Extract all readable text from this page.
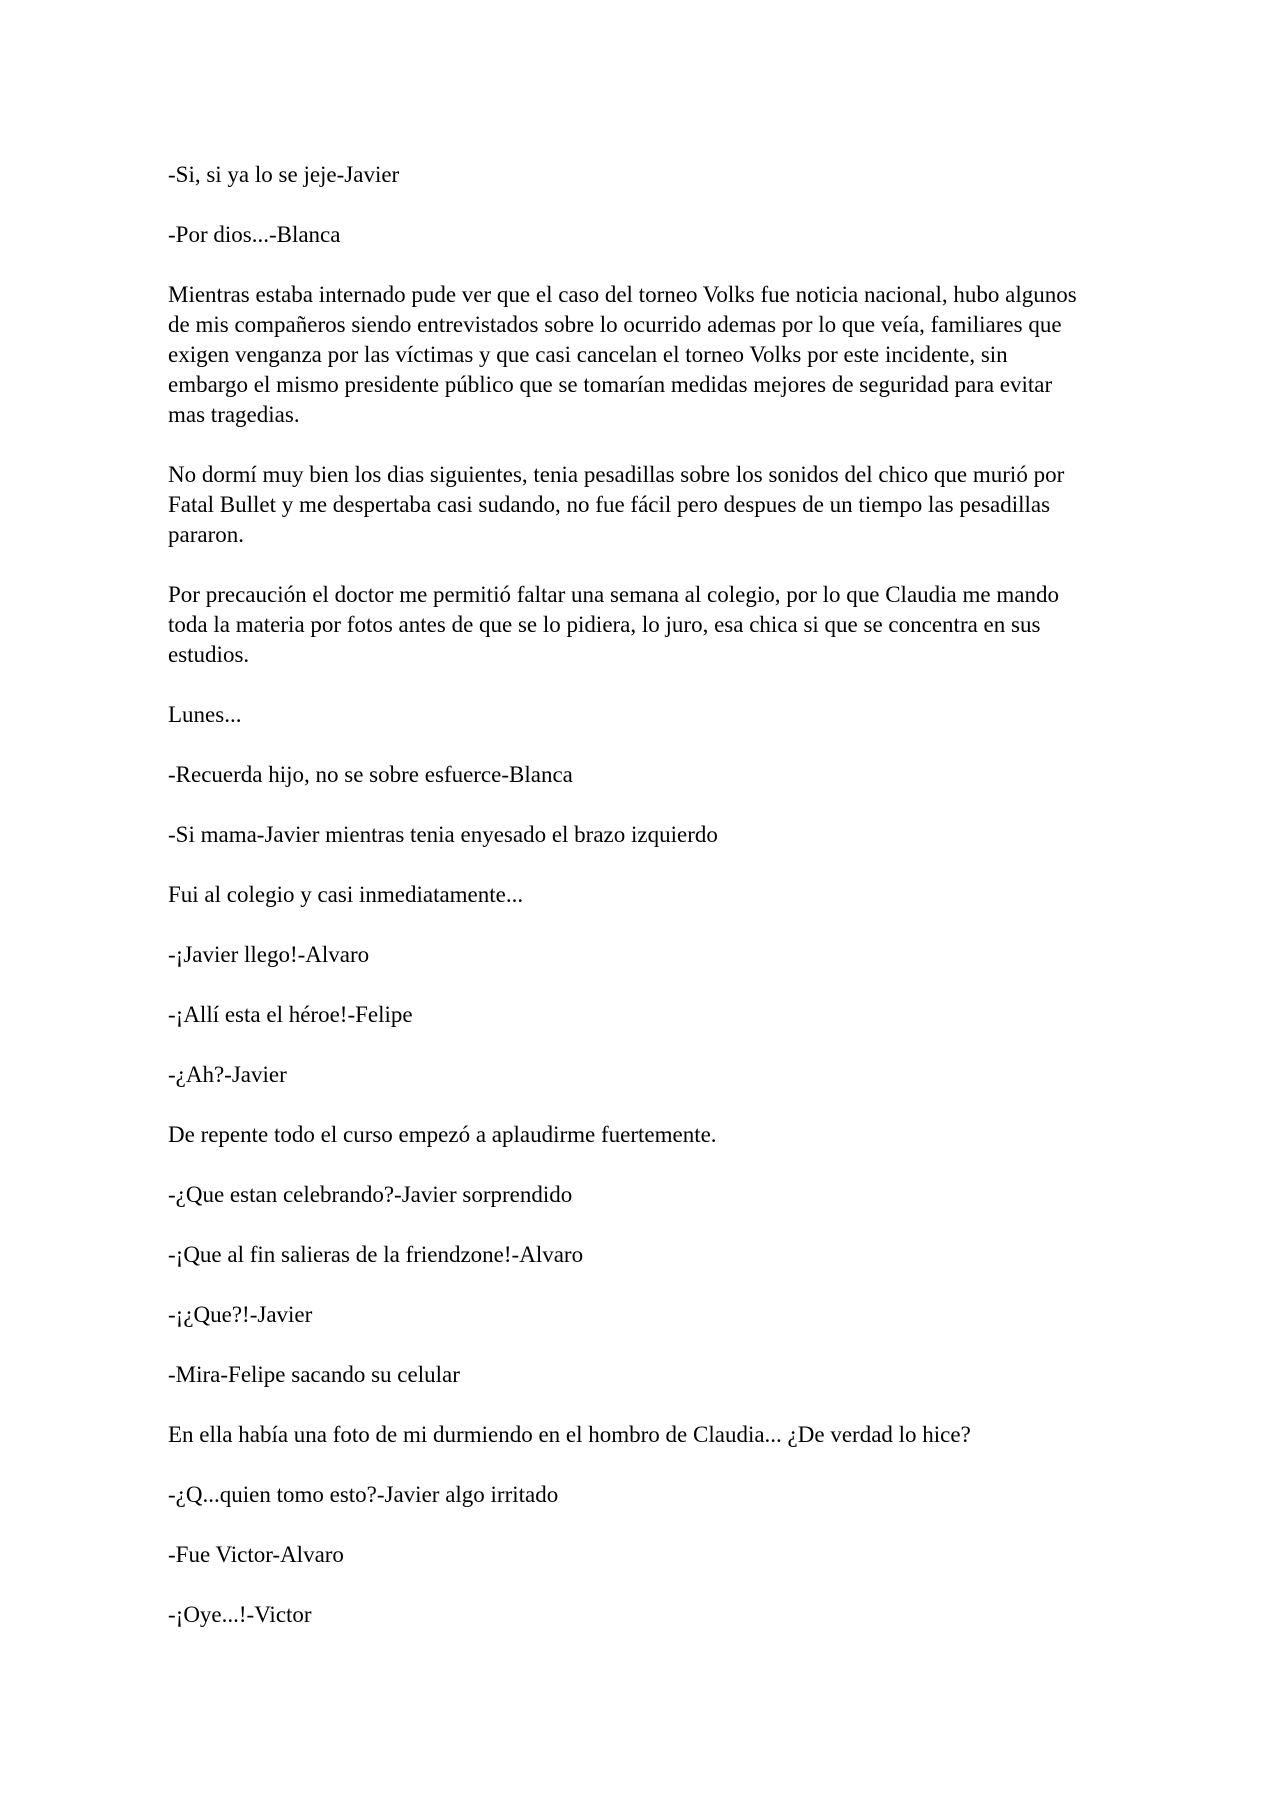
-Si, si ya lo se jeje-Javier

-Por dios...-Blanca

Mientras estaba internado pude ver que el caso del torneo Volks fue noticia nacional, hubo algunos de mis compañeros siendo entrevistados sobre lo ocurrido ademas por lo que veía, familiares que exigen venganza por las víctimas y que casi cancelan el torneo Volks por este incidente, sin embargo el mismo presidente público que se tomarían medidas mejores de seguridad para evitar mas tragedias.

No dormí muy bien los dias siguientes, tenia pesadillas sobre los sonidos del chico que murió por Fatal Bullet y me despertaba casi sudando, no fue fácil pero despues de un tiempo las pesadillas pararon.

Por precaución el doctor me permitió faltar una semana al colegio, por lo que Claudia me mando toda la materia por fotos antes de que se lo pidiera, lo juro, esa chica si que se concentra en sus estudios.

Lunes...

-Recuerda hijo, no se sobre esfuerce-Blanca

-Si mama-Javier mientras tenia enyesado el brazo izquierdo

Fui al colegio y casi inmediatamente...

-¡Javier llego!-Alvaro

-¡Allí esta el héroe!-Felipe

-¿Ah?-Javier

De repente todo el curso empezó a aplaudirme fuertemente.

-¿Que estan celebrando?-Javier sorprendido

-¡Que al fin salieras de la friendzone!-Alvaro

-¡¿Que?!-Javier

-Mira-Felipe sacando su celular

En ella había una foto de mi durmiendo en el hombro de Claudia... ¿De verdad lo hice?

-¿Q...quien tomo esto?-Javier algo irritado

-Fue Victor-Alvaro

-¡Oye...!-Victor
